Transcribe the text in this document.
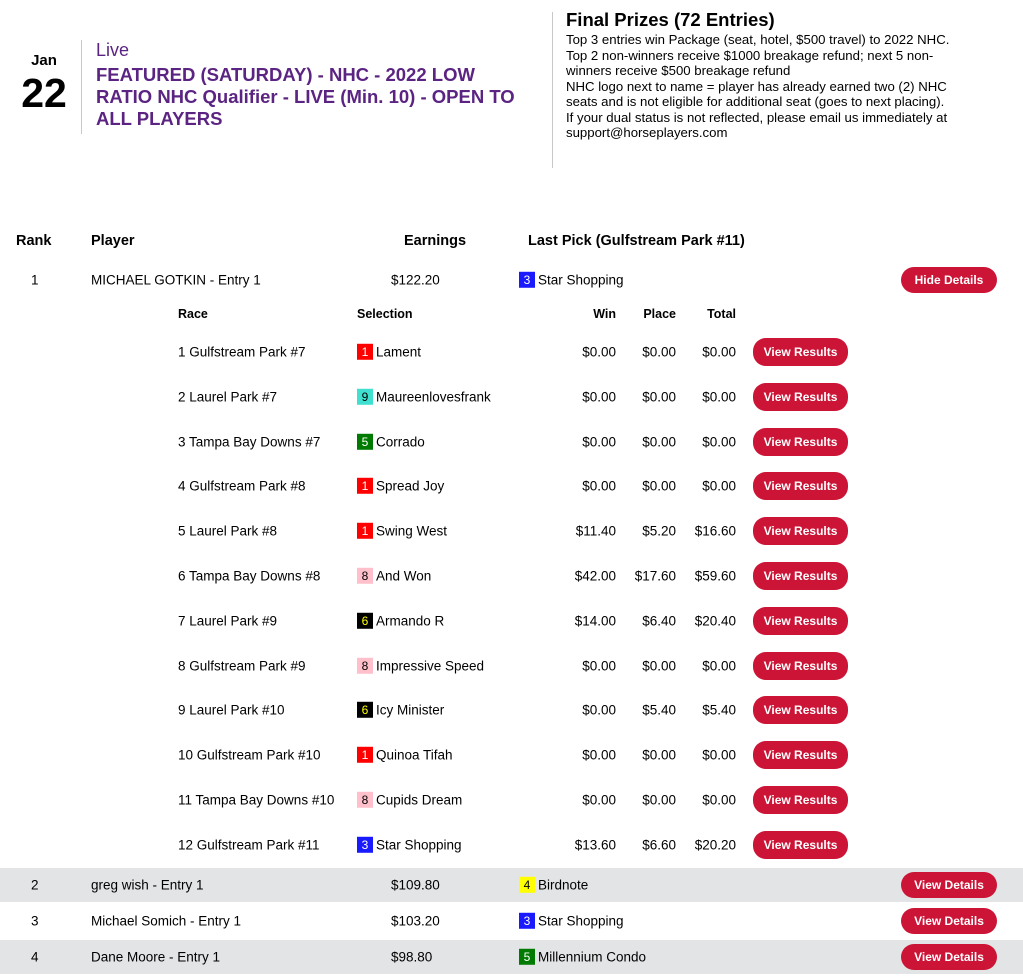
Jan
22
Live
FEATURED (SATURDAY) - NHC - 2022 LOW RATIO NHC Qualifier - LIVE (Min. 10) - OPEN TO ALL PLAYERS
Final Prizes (72 Entries)
Top 3 entries win Package (seat, hotel, $500 travel) to 2022 NHC.
Top 2 non-winners receive $1000 breakage refund; next 5 non-
winners receive $500 breakage refund
NHC logo next to name = player has already earned two (2) NHC
seats and is not eligible for additional seat (goes to next placing).
If your dual status is not reflected, please email us immediately at
support@horseplayers.com
Rank	Player	Earnings	Last Pick (Gulfstream Park #11)
1	MICHAEL GOTKIN - Entry 1	$122.20	3 Star Shopping	Hide Details
Race	Selection	Win	Place	Total
1 Gulfstream Park #7	1 Lament	$0.00	$0.00	$0.00	View Results
2 Laurel Park #7	9 Maureenlovesfrank	$0.00	$0.00	$0.00	View Results
3 Tampa Bay Downs #7	5 Corrado	$0.00	$0.00	$0.00	View Results
4 Gulfstream Park #8	1 Spread Joy	$0.00	$0.00	$0.00	View Results
5 Laurel Park #8	1 Swing West	$11.40	$5.20	$16.60	View Results
6 Tampa Bay Downs #8	8 And Won	$42.00	$17.60	$59.60	View Results
7 Laurel Park #9	6 Armando R	$14.00	$6.40	$20.40	View Results
8 Gulfstream Park #9	8 Impressive Speed	$0.00	$0.00	$0.00	View Results
9 Laurel Park #10	6 Icy Minister	$0.00	$5.40	$5.40	View Results
10 Gulfstream Park #10	1 Quinoa Tifah	$0.00	$0.00	$0.00	View Results
11 Tampa Bay Downs #10	8 Cupids Dream	$0.00	$0.00	$0.00	View Results
12 Gulfstream Park #11	3 Star Shopping	$13.60	$6.60	$20.20	View Results
2	greg wish - Entry 1	$109.80	4 Birdnote	View Details
3	Michael Somich - Entry 1	$103.20	3 Star Shopping	View Details
4	Dane Moore - Entry 1	$98.80	5 Millennium Condo	View Details
